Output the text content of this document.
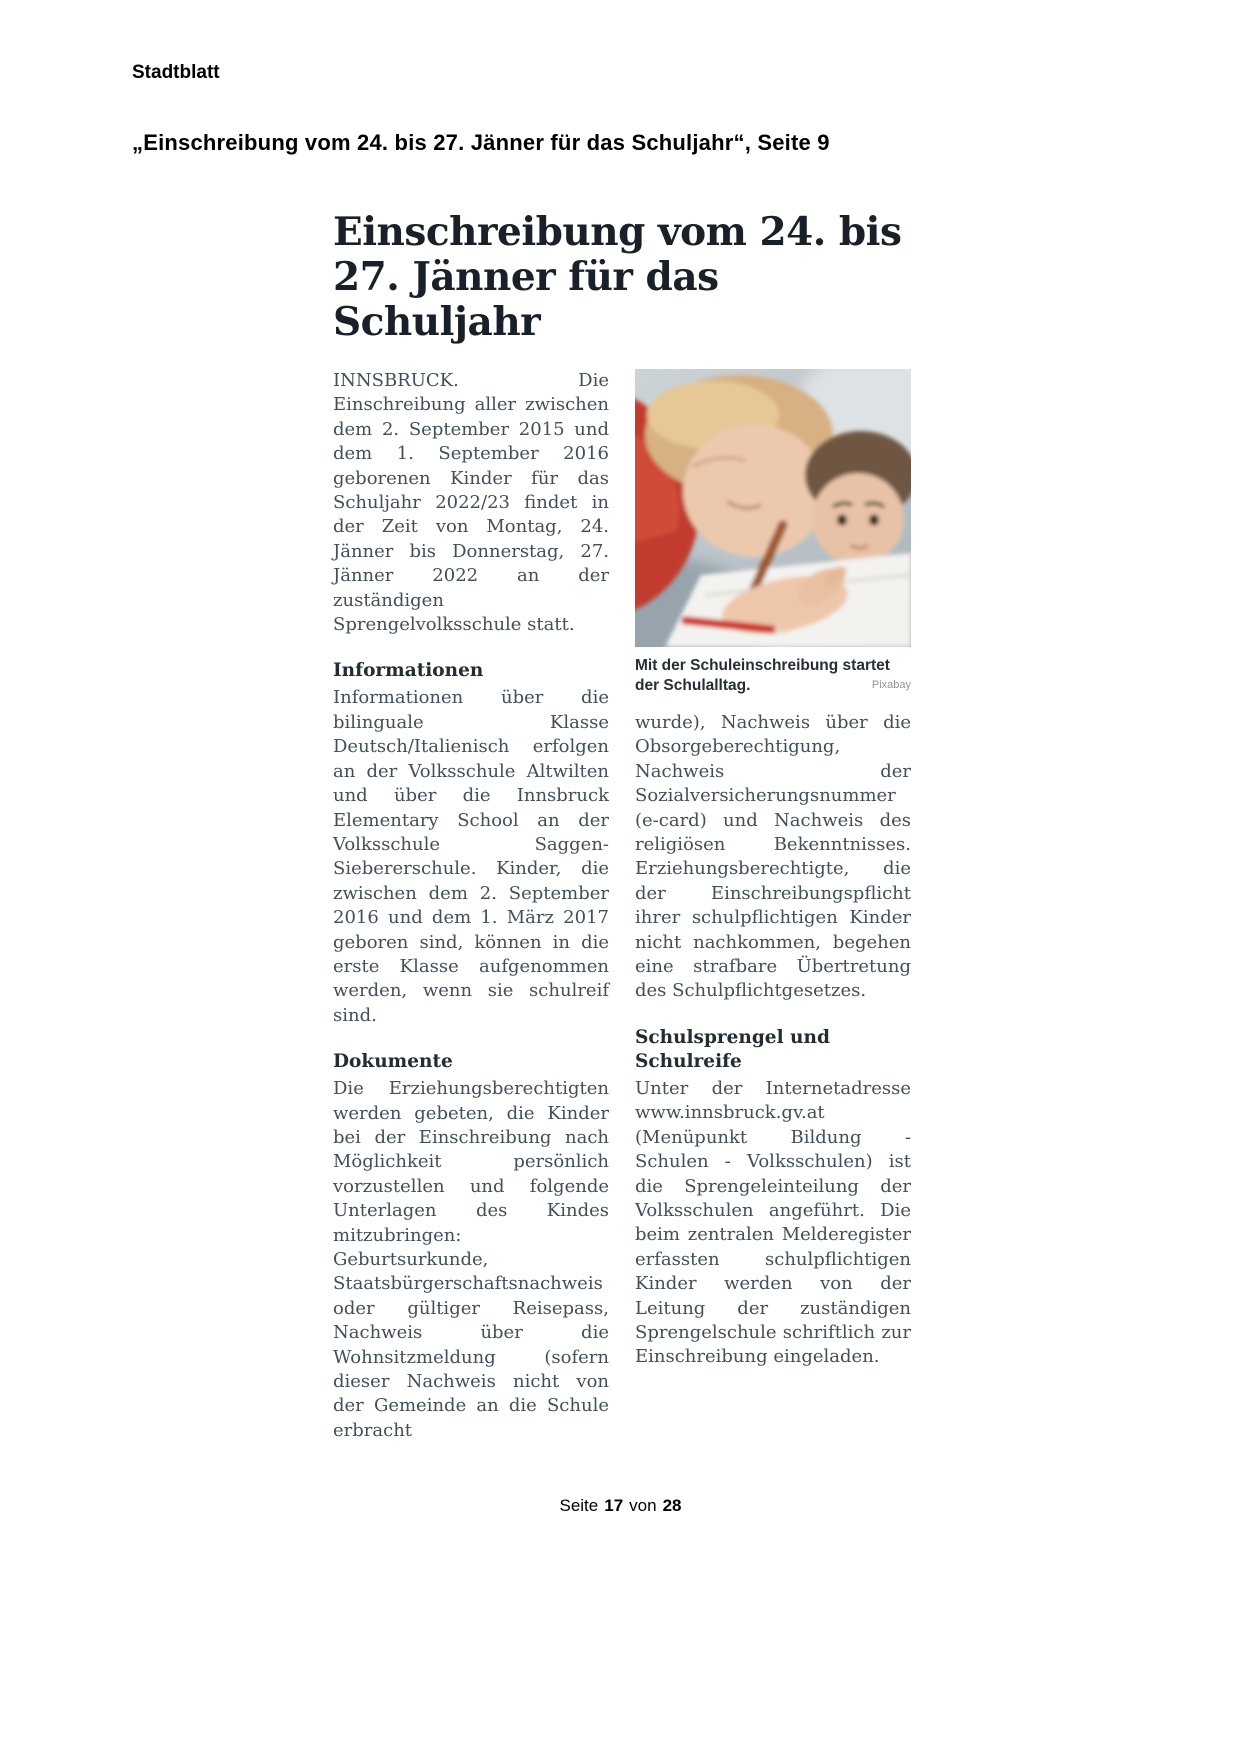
Stadtblatt
„Einschreibung vom 24. bis 27. Jänner für das Schuljahr“, Seite 9
Einschreibung vom 24. bis
27. Jänner für das Schuljahr

INNSBRUCK. Die Einschreibung aller zwischen dem 2. September 2015 und dem 1. September 2016 geborenen Kinder für das Schuljahr 2022/23 findet in der Zeit von Montag, 24. Jänner bis Donnerstag, 27. Jänner 2022 an der zuständigen Sprengelvolksschule statt.

Informationen

Informationen über die bilinguale Klasse Deutsch/Italienisch erfolgen an der Volksschule Altwilten und über die Innsbruck Elementary School an der Volksschule Saggen-Siebererschule. Kinder, die zwischen dem 2. September 2016 und dem 1. März 2017 geboren sind, können in die erste Klasse aufgenommen werden, wenn sie schulreif sind.

Dokumente

Die Erziehungsberechtigten werden gebeten, die Kinder bei der Einschreibung nach Möglichkeit persönlich vorzustellen und folgende Unterlagen des Kindes mitzubringen: Geburtsurkunde, Staatsbürgerschaftsnachweis oder gültiger Reisepass, Nachweis über die Wohnsitzmeldung (sofern dieser Nachweis nicht von der Gemeinde an die Schule erbracht

Mit der Schuleinschreibung startet der Schulalltag.	Pixabay

wurde), Nachweis über die Obsorgeberechtigung, Nachweis der Sozialversicherungsnummer (e-card) und Nachweis des religiösen Bekenntnisses. Erziehungsberechtigte, die der Einschreibungspflicht ihrer schulpflichtigen Kinder nicht nachkommen, begehen eine strafbare Übertretung des Schulpflichtgesetzes.

Schulsprengel und Schulreife

Unter der Internetadresse www.innsbruck.gv.at (Menüpunkt Bildung - Schulen - Volksschulen) ist die Sprengeleinteilung der Volksschulen angeführt. Die beim zentralen Melderegister erfassten schulpflichtigen Kinder werden von der Leitung der zuständigen Sprengelschule schriftlich zur Einschreibung eingeladen.

Seite 17 von 28
